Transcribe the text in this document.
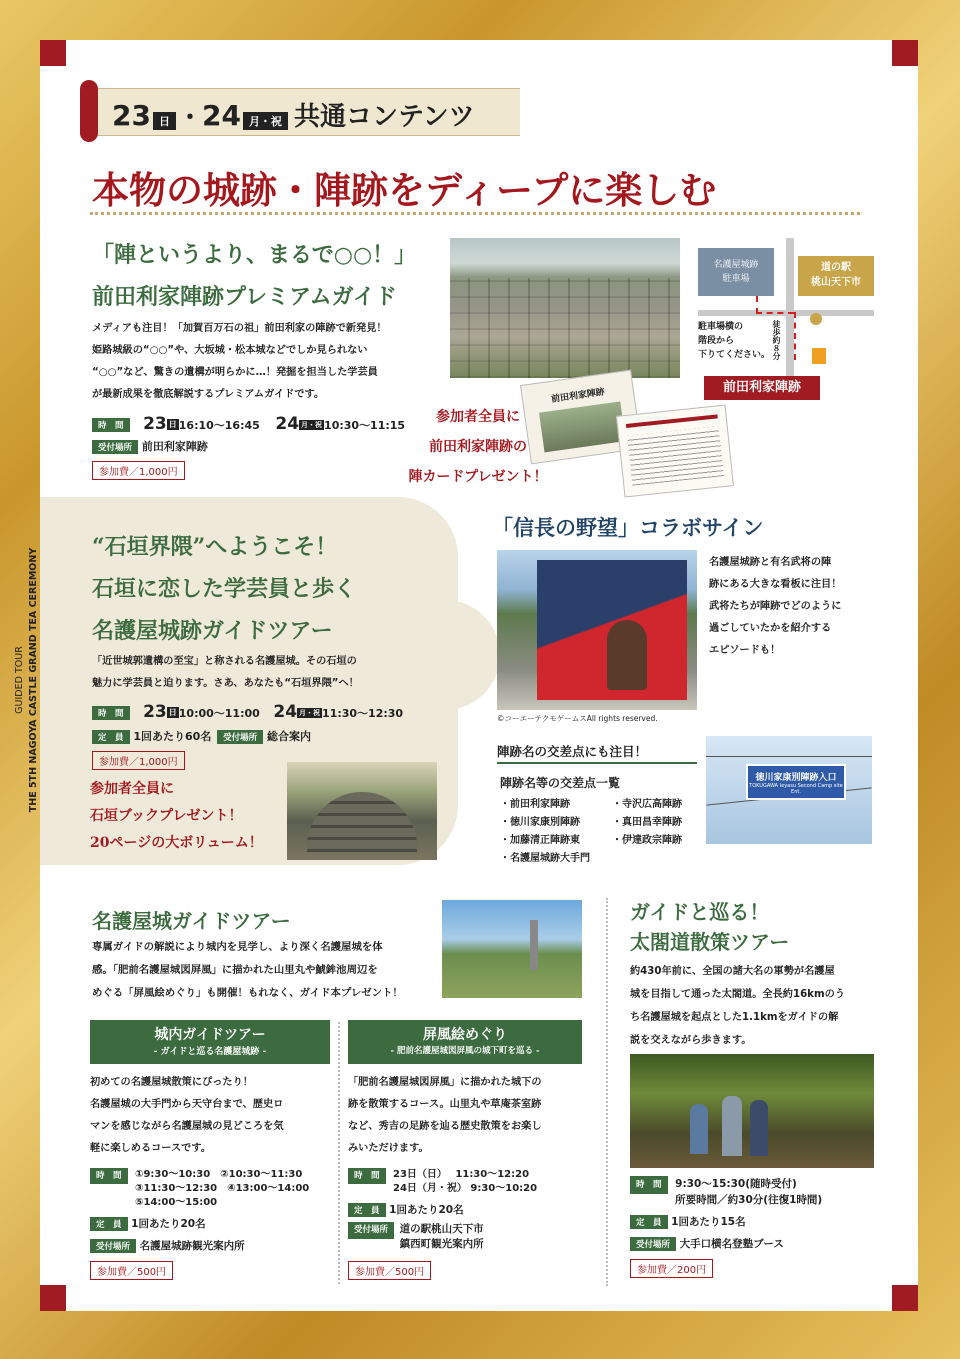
GUIDED TOUR THE 5TH NAGOYA CASTLE GRAND TEA CEREMONY
23 日 ・24 月・祝 共通コンテンツ
本物の城跡・陣跡をディープに楽しむ
「陣というより、まるで○○！」
前田利家陣跡プレミアムガイド
メディアも注目！「加賀百万石の祖」前田利家の陣跡で新発見！
姫路城級の“○○”や、大坂城・松本城などでしか見られない
“○○”など、驚きの遺構が明らかに…！発掘を担当した学芸員
が最新成果を徹底解説するプレミアムガイドです。
時　間 23 日 16:10〜16:45 24 月・祝 10:30〜11:15
受付場所 前田利家陣跡
参加費／1,000円
前田利家陣跡
参加者全員に
前田利家陣跡の
陣カードプレゼント！
名護屋城跡
駐車場
道の駅
桃山天下市
徒歩約８分
駐車場横の
階段から
下りてください。
前田利家陣跡
“石垣界隈”へようこそ！
石垣に恋した学芸員と歩く
名護屋城跡ガイドツアー
「近世城郭遺構の至宝」と称される名護屋城。その石垣の
魅力に学芸員と迫ります。さあ、あなたも“石垣界隈”へ！
時　間 23 日 10:00〜11:00 24 月・祝 11:30〜12:30
定　員 1回あたり60名 受付場所 総合案内
参加費／1,000円
参加者全員に
石垣ブックプレゼント！
20ページの大ボリューム！
「信長の野望」コラボサイン
©コーエーテクモゲームスAll rights reserved.
名護屋城跡と有名武将の陣
跡にある大きな看板に注目！
武将たちが陣跡でどのように
過ごしていたかを紹介する
エピソードも！
陣跡名の交差点にも注目！
陣跡名等の交差点一覧
・前田利家陣跡
・徳川家康別陣跡
・加藤清正陣跡東
・名護屋城跡大手門
・寺沢広高陣跡
・真田昌幸陣跡
・伊達政宗陣跡
徳川家康別陣跡入口
TOKUGAWA Ieyasu Second Camp site Ent.
名護屋城ガイドツアー
専属ガイドの解説により城内を見学し、より深く名護屋城を体
感。「肥前名護屋城図屏風」に描かれた山里丸や鯱鉾池周辺を
めぐる「屏風絵めぐり」も開催！もれなく、ガイド本プレゼント！
城内ガイドツアー
- ガイドと巡る名護屋城跡 -
初めての名護屋城散策にぴったり！
名護屋城の大手門から天守台まで、歴史ロ
マンを感じながら名護屋城の見どころを気
軽に楽しめるコースです。
時　間 ①9:30〜10:30　②10:30〜11:30
③11:30〜12:30　④13:00〜14:00
⑤14:00〜15:00
定　員 1回あたり20名
受付場所 名護屋城跡観光案内所
参加費／500円
屏風絵めぐり
- 肥前名護屋城図屏風の城下町を巡る -
「肥前名護屋城図屏風」に描かれた城下の
跡を散策するコース。山里丸や草庵茶室跡
など、秀吉の足跡を辿る歴史散策をお楽し
みいただけます。
時　間 23日（日）　 11:30〜12:20
24日（月・祝） 9:30〜10:20
定　員 1回あたり20名
受付場所 道の駅桃山天下市
鎮西町観光案内所
参加費／500円
ガイドと巡る！
太閤道散策ツアー
約430年前に、全国の諸大名の軍勢が名護屋
城を目指して通った太閤道。全長約16kmのう
ち名護屋城を起点とした1.1kmをガイドの解
説を交えながら歩きます。
時　間 9:30〜15:30(随時受付)
所要時間／約30分(往復1時間)
定　員 1回あたり15名
受付場所 大手口横名登塾ブース
参加費／200円
